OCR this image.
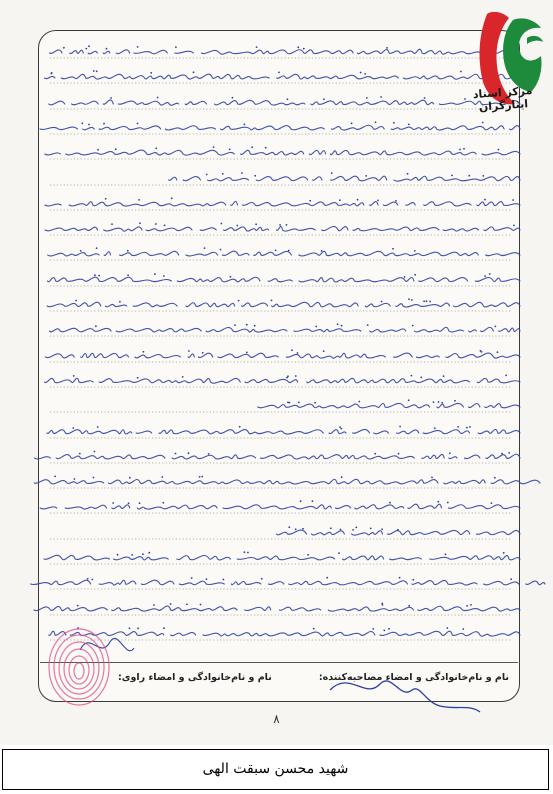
مرکز اسناد ایثارگران
نام و نام‌خانوادگی و امضاء مصاحبه‌کننده:
نام و نام‌خانوادگی و امضاء راوی:
۸
شهید محسن سبقت الهی
